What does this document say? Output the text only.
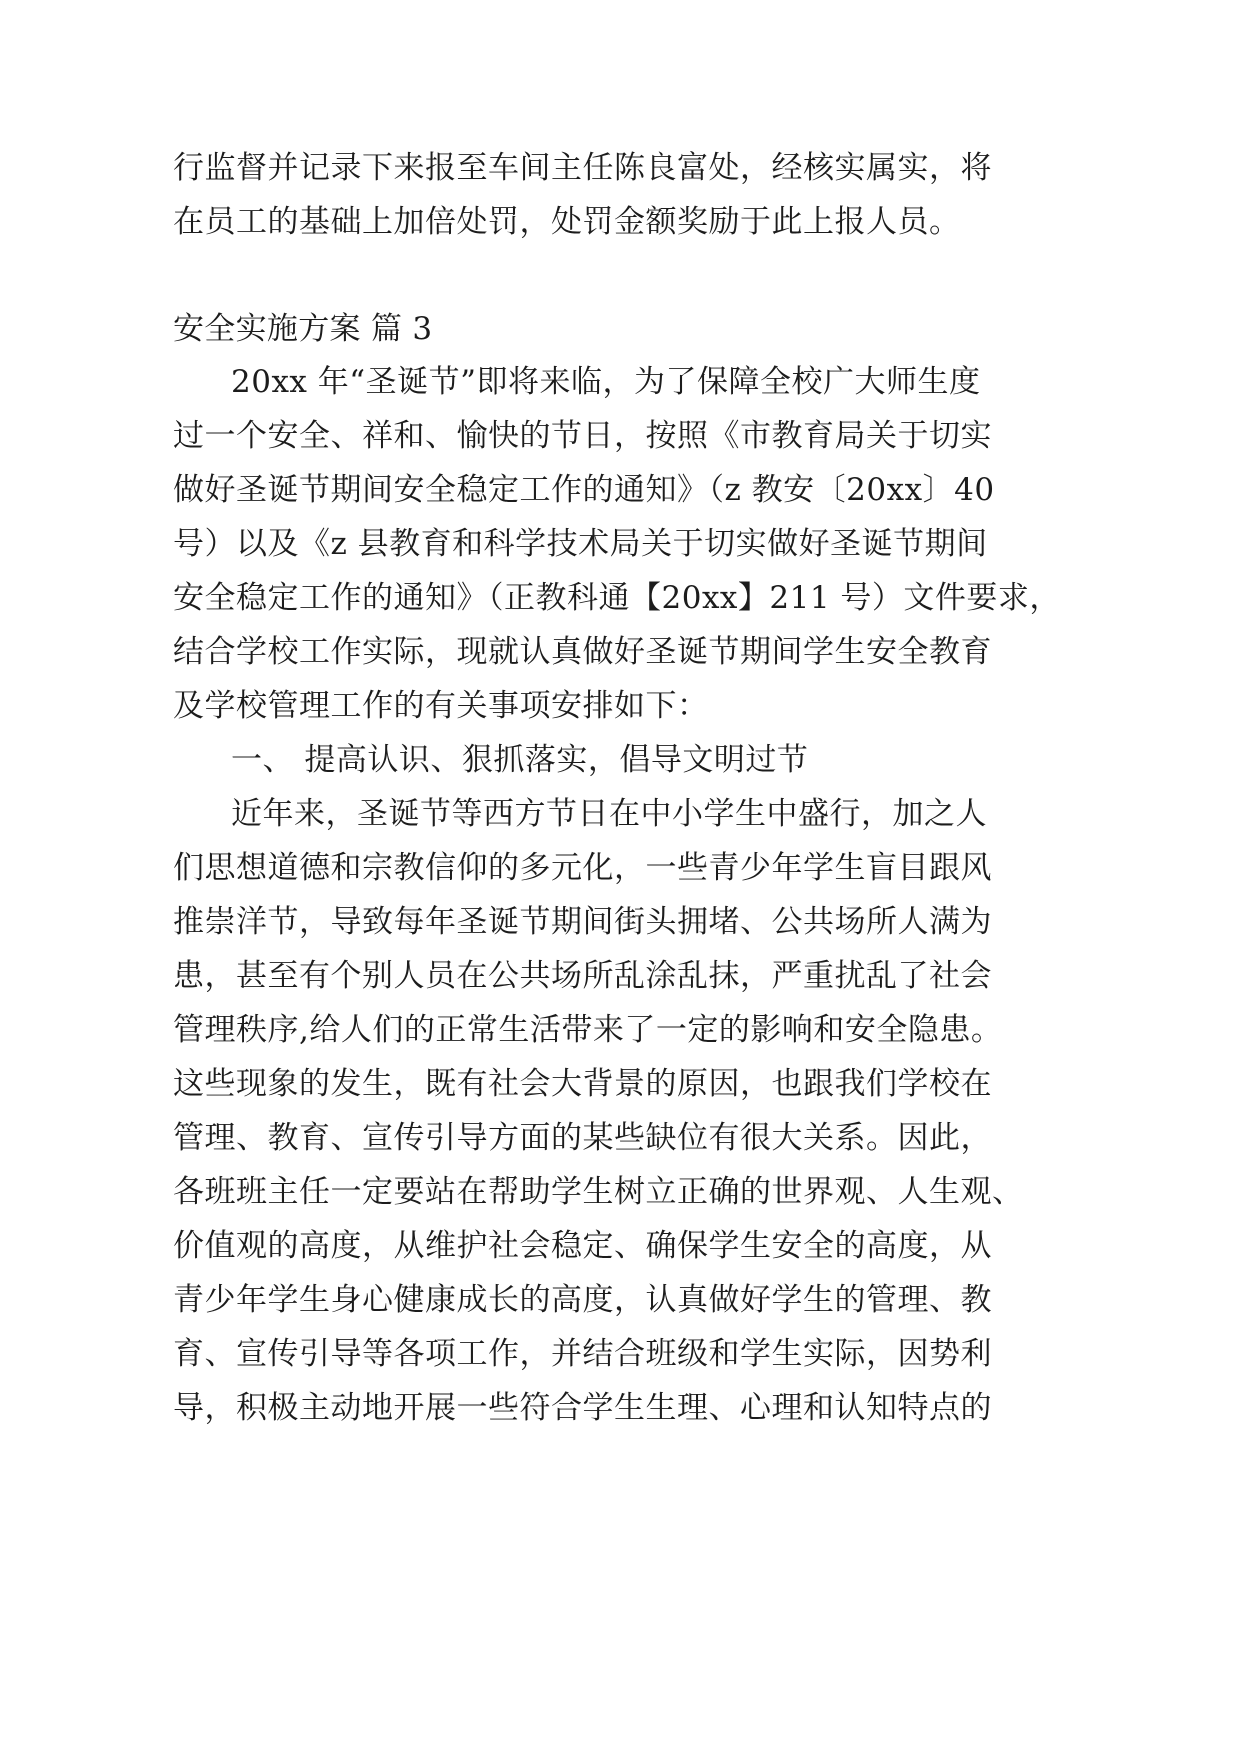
行监督并记录下来报至车间主任陈良富处，经核实属实，将
在员工的基础上加倍处罚，处罚金额奖励于此上报人员。
安全实施方案 篇 3
20xx 年“圣诞节”即将来临，为了保障全校广大师生度
过一个安全、祥和、愉快的节日，按照《市教育局关于切实
做好圣诞节期间安全稳定工作的通知》（z 教安〔20xx〕40
号）以及《z 县教育和科学技术局关于切实做好圣诞节期间
安全稳定工作的通知》（正教科通【20xx】211 号）文件要求，
结合学校工作实际，现就认真做好圣诞节期间学生安全教育
及学校管理工作的有关事项安排如下：
一、 提高认识、狠抓落实，倡导文明过节
近年来，圣诞节等西方节日在中小学生中盛行，加之人
们思想道德和宗教信仰的多元化，一些青少年学生盲目跟风
推崇洋节，导致每年圣诞节期间街头拥堵、公共场所人满为
患，甚至有个别人员在公共场所乱涂乱抹，严重扰乱了社会
管理秩序,给人们的正常生活带来了一定的影响和安全隐患。
这些现象的发生，既有社会大背景的原因，也跟我们学校在
管理、教育、宣传引导方面的某些缺位有很大关系。因此，
各班班主任一定要站在帮助学生树立正确的世界观、人生观、
价值观的高度，从维护社会稳定、确保学生安全的高度，从
青少年学生身心健康成长的高度，认真做好学生的管理、教
育、宣传引导等各项工作，并结合班级和学生实际，因势利
导，积极主动地开展一些符合学生生理、心理和认知特点的
